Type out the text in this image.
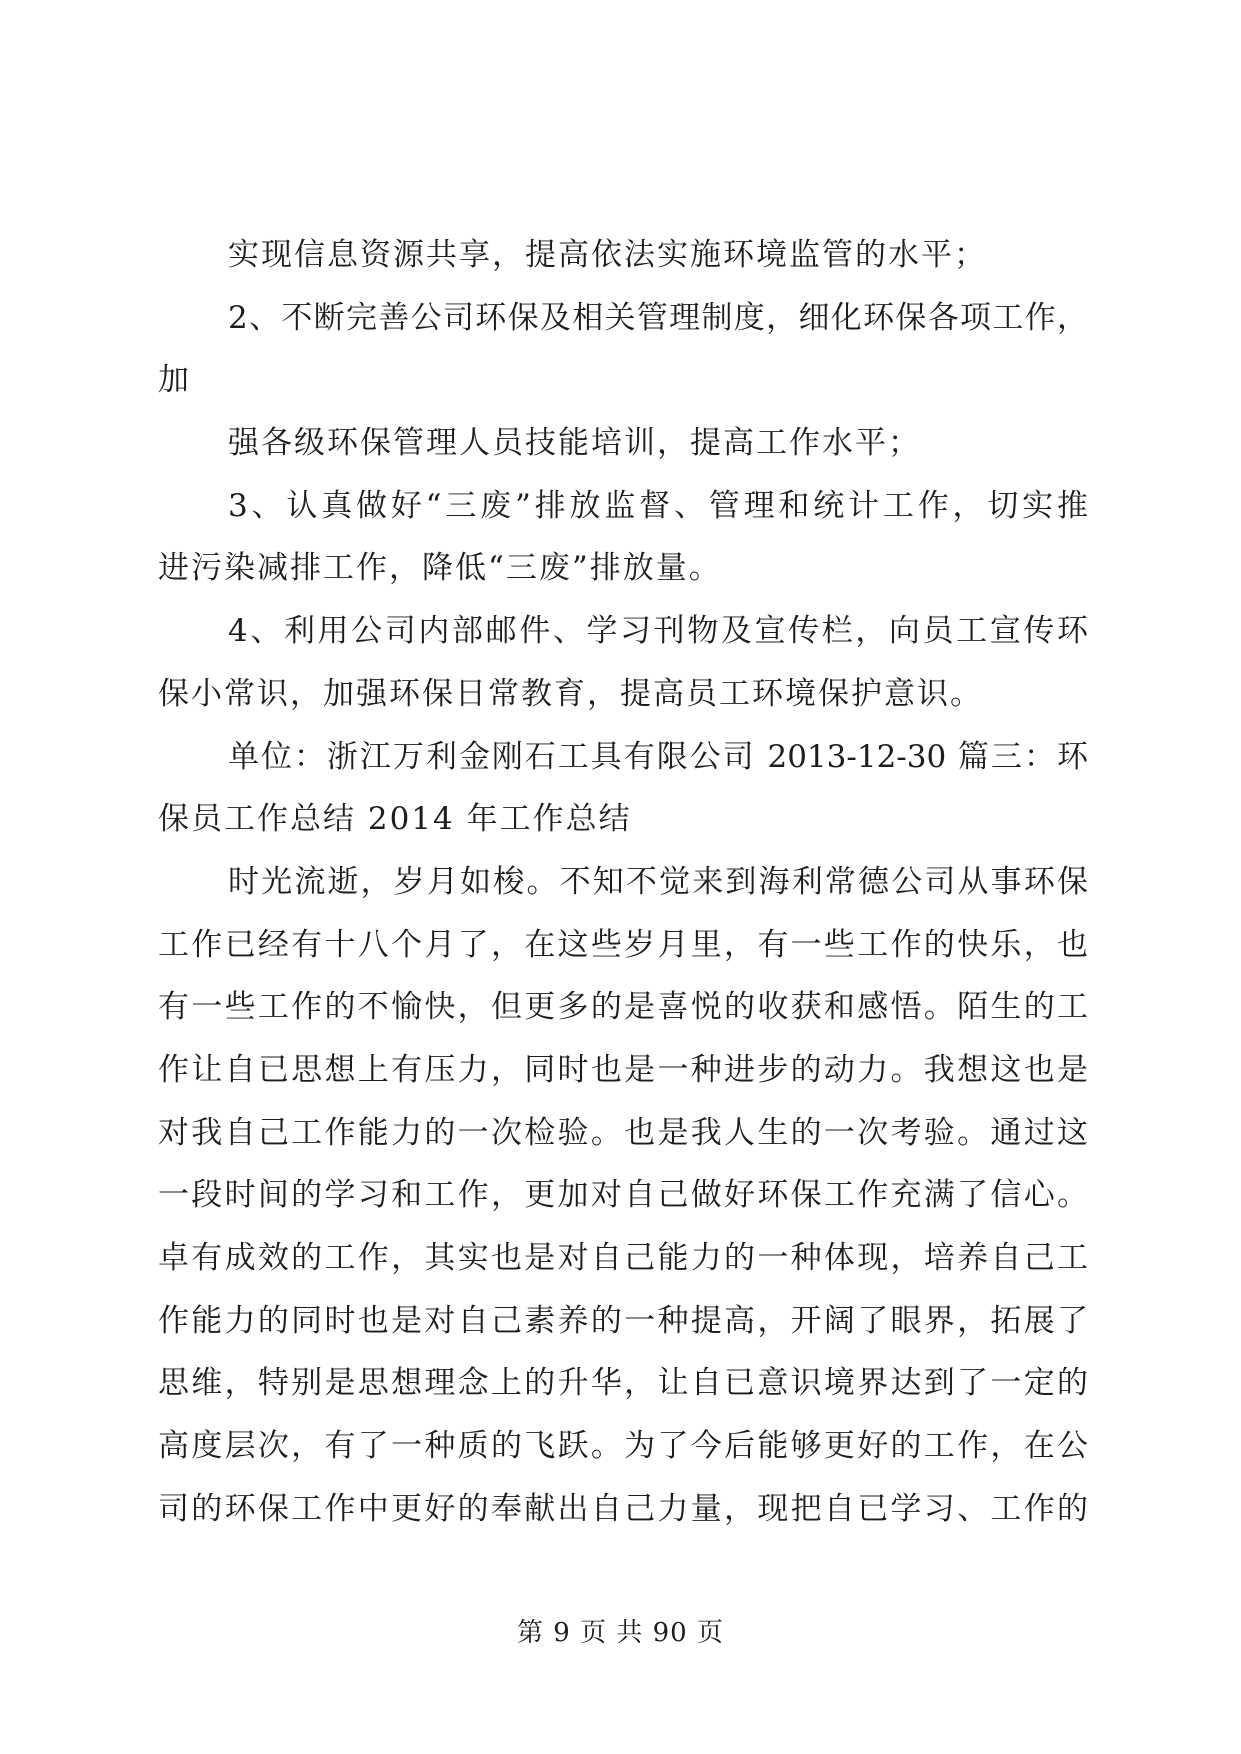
实现信息资源共享，提高依法实施环境监管的水平；
2、不断完善公司环保及相关管理制度，细化环保各项工作，
加
强各级环保管理人员技能培训，提高工作水平；
3、认真做好“三废”排放监督、管理和统计工作，切实推
进污染减排工作，降低“三废”排放量。
4、利用公司内部邮件、学习刊物及宣传栏，向员工宣传环
保小常识，加强环保日常教育，提高员工环境保护意识。
单位：浙江万利金刚石工具有限公司 2013-12-30 篇三：环
保员工作总结 2014 年工作总结
时光流逝，岁月如梭。不知不觉来到海利常德公司从事环保
工作已经有十八个月了，在这些岁月里，有一些工作的快乐，也
有一些工作的不愉快，但更多的是喜悦的收获和感悟。陌生的工
作让自已思想上有压力，同时也是一种进步的动力。我想这也是
对我自己工作能力的一次检验。也是我人生的一次考验。通过这
一段时间的学习和工作，更加对自己做好环保工作充满了信心。
卓有成效的工作，其实也是对自己能力的一种体现，培养自己工
作能力的同时也是对自己素养的一种提高，开阔了眼界，拓展了
思维，特别是思想理念上的升华，让自已意识境界达到了一定的
高度层次，有了一种质的飞跃。为了今后能够更好的工作，在公
司的环保工作中更好的奉献出自己力量，现把自已学习、工作的
第 9 页 共 90 页
